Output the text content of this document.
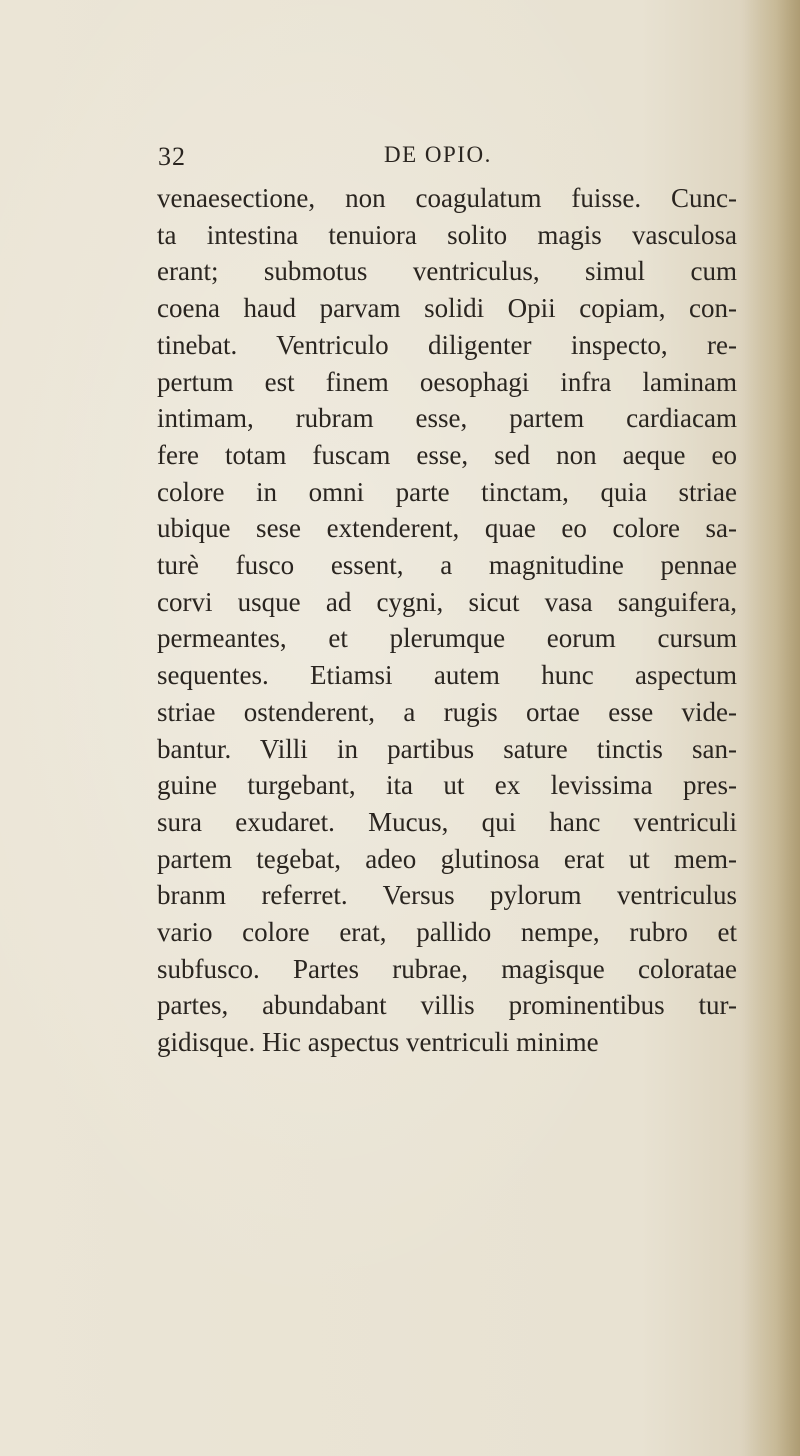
32	DE OPIO.
venaesectione, non coagulatum fuisse. Cunc-
ta intestina tenuiora solito magis vasculosa
erant; submotus ventriculus, simul cum
coena haud parvam solidi Opii copiam, con-
tinebat. Ventriculo diligenter inspecto, re-
pertum est finem oesophagi infra laminam
intimam, rubram esse, partem cardiacam
fere totam fuscam esse, sed non aeque eo
colore in omni parte tinctam, quia striae
ubique sese extenderent, quae eo colore sa-
turè fusco essent, a magnitudine pennae
corvi usque ad cygni, sicut vasa sanguifera,
permeantes, et plerumque eorum cursum
sequentes. Etiamsi autem hunc aspectum
striae ostenderent, a rugis ortae esse vide-
bantur. Villi in partibus sature tinctis san-
guine turgebant, ita ut ex levissima pres-
sura exudaret. Mucus, qui hanc ventriculi
partem tegebat, adeo glutinosa erat ut mem-
branm referret. Versus pylorum ventriculus
vario colore erat, pallido nempe, rubro et
subfusco. Partes rubrae, magisque coloratae
partes, abundabant villis prominentibus tur-
gidisque. Hic aspectus ventriculi minime
